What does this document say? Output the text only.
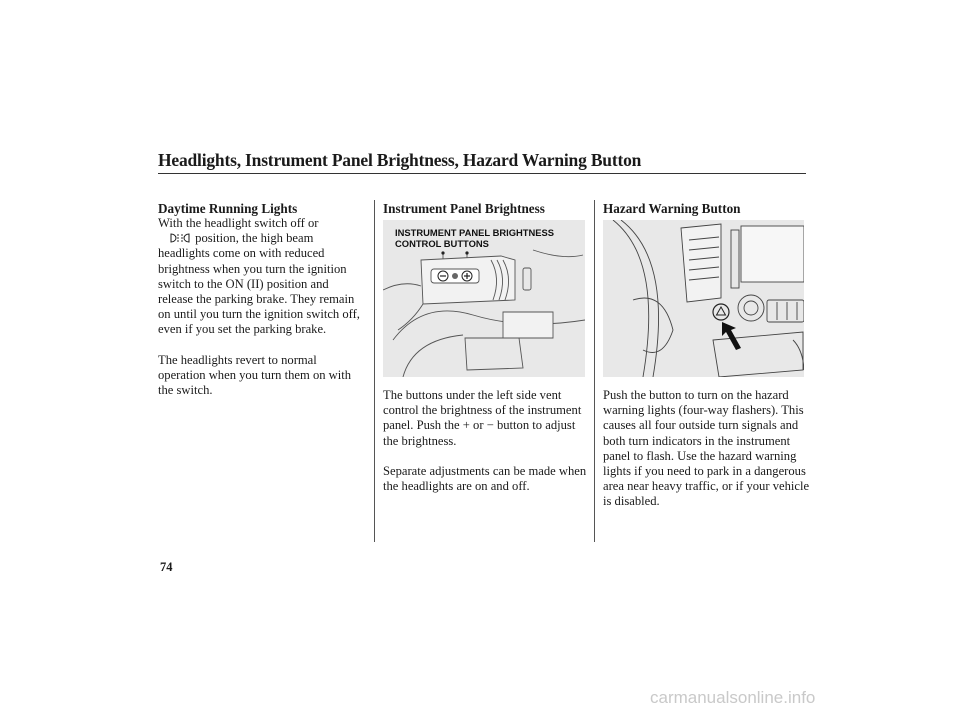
Headlights, Instrument Panel Brightness, Hazard Warning Button
Daytime Running Lights

With the headlight switch off or
position, the high beam headlights come on with reduced brightness when you turn the ignition switch to the ON (II) position and release the parking brake. They remain on until you turn the ignition switch off, even if you set the parking brake.

The headlights revert to normal operation when you turn them on with the switch.

Instrument Panel Brightness
INSTRUMENT PANEL BRIGHTNESS
CONTROL BUTTONS

The buttons under the left side vent control the brightness of the instrument panel. Push the + or − button to adjust the brightness.

Separate adjustments can be made when the headlights are on and off.

Hazard Warning Button

Push the button to turn on the hazard warning lights (four-way flashers). This causes all four outside turn signals and both turn indicators in the instrument panel to flash. Use the hazard warning lights if you need to park in a dangerous area near heavy traffic, or if your vehicle is disabled.

74
carmanualsonline.info
